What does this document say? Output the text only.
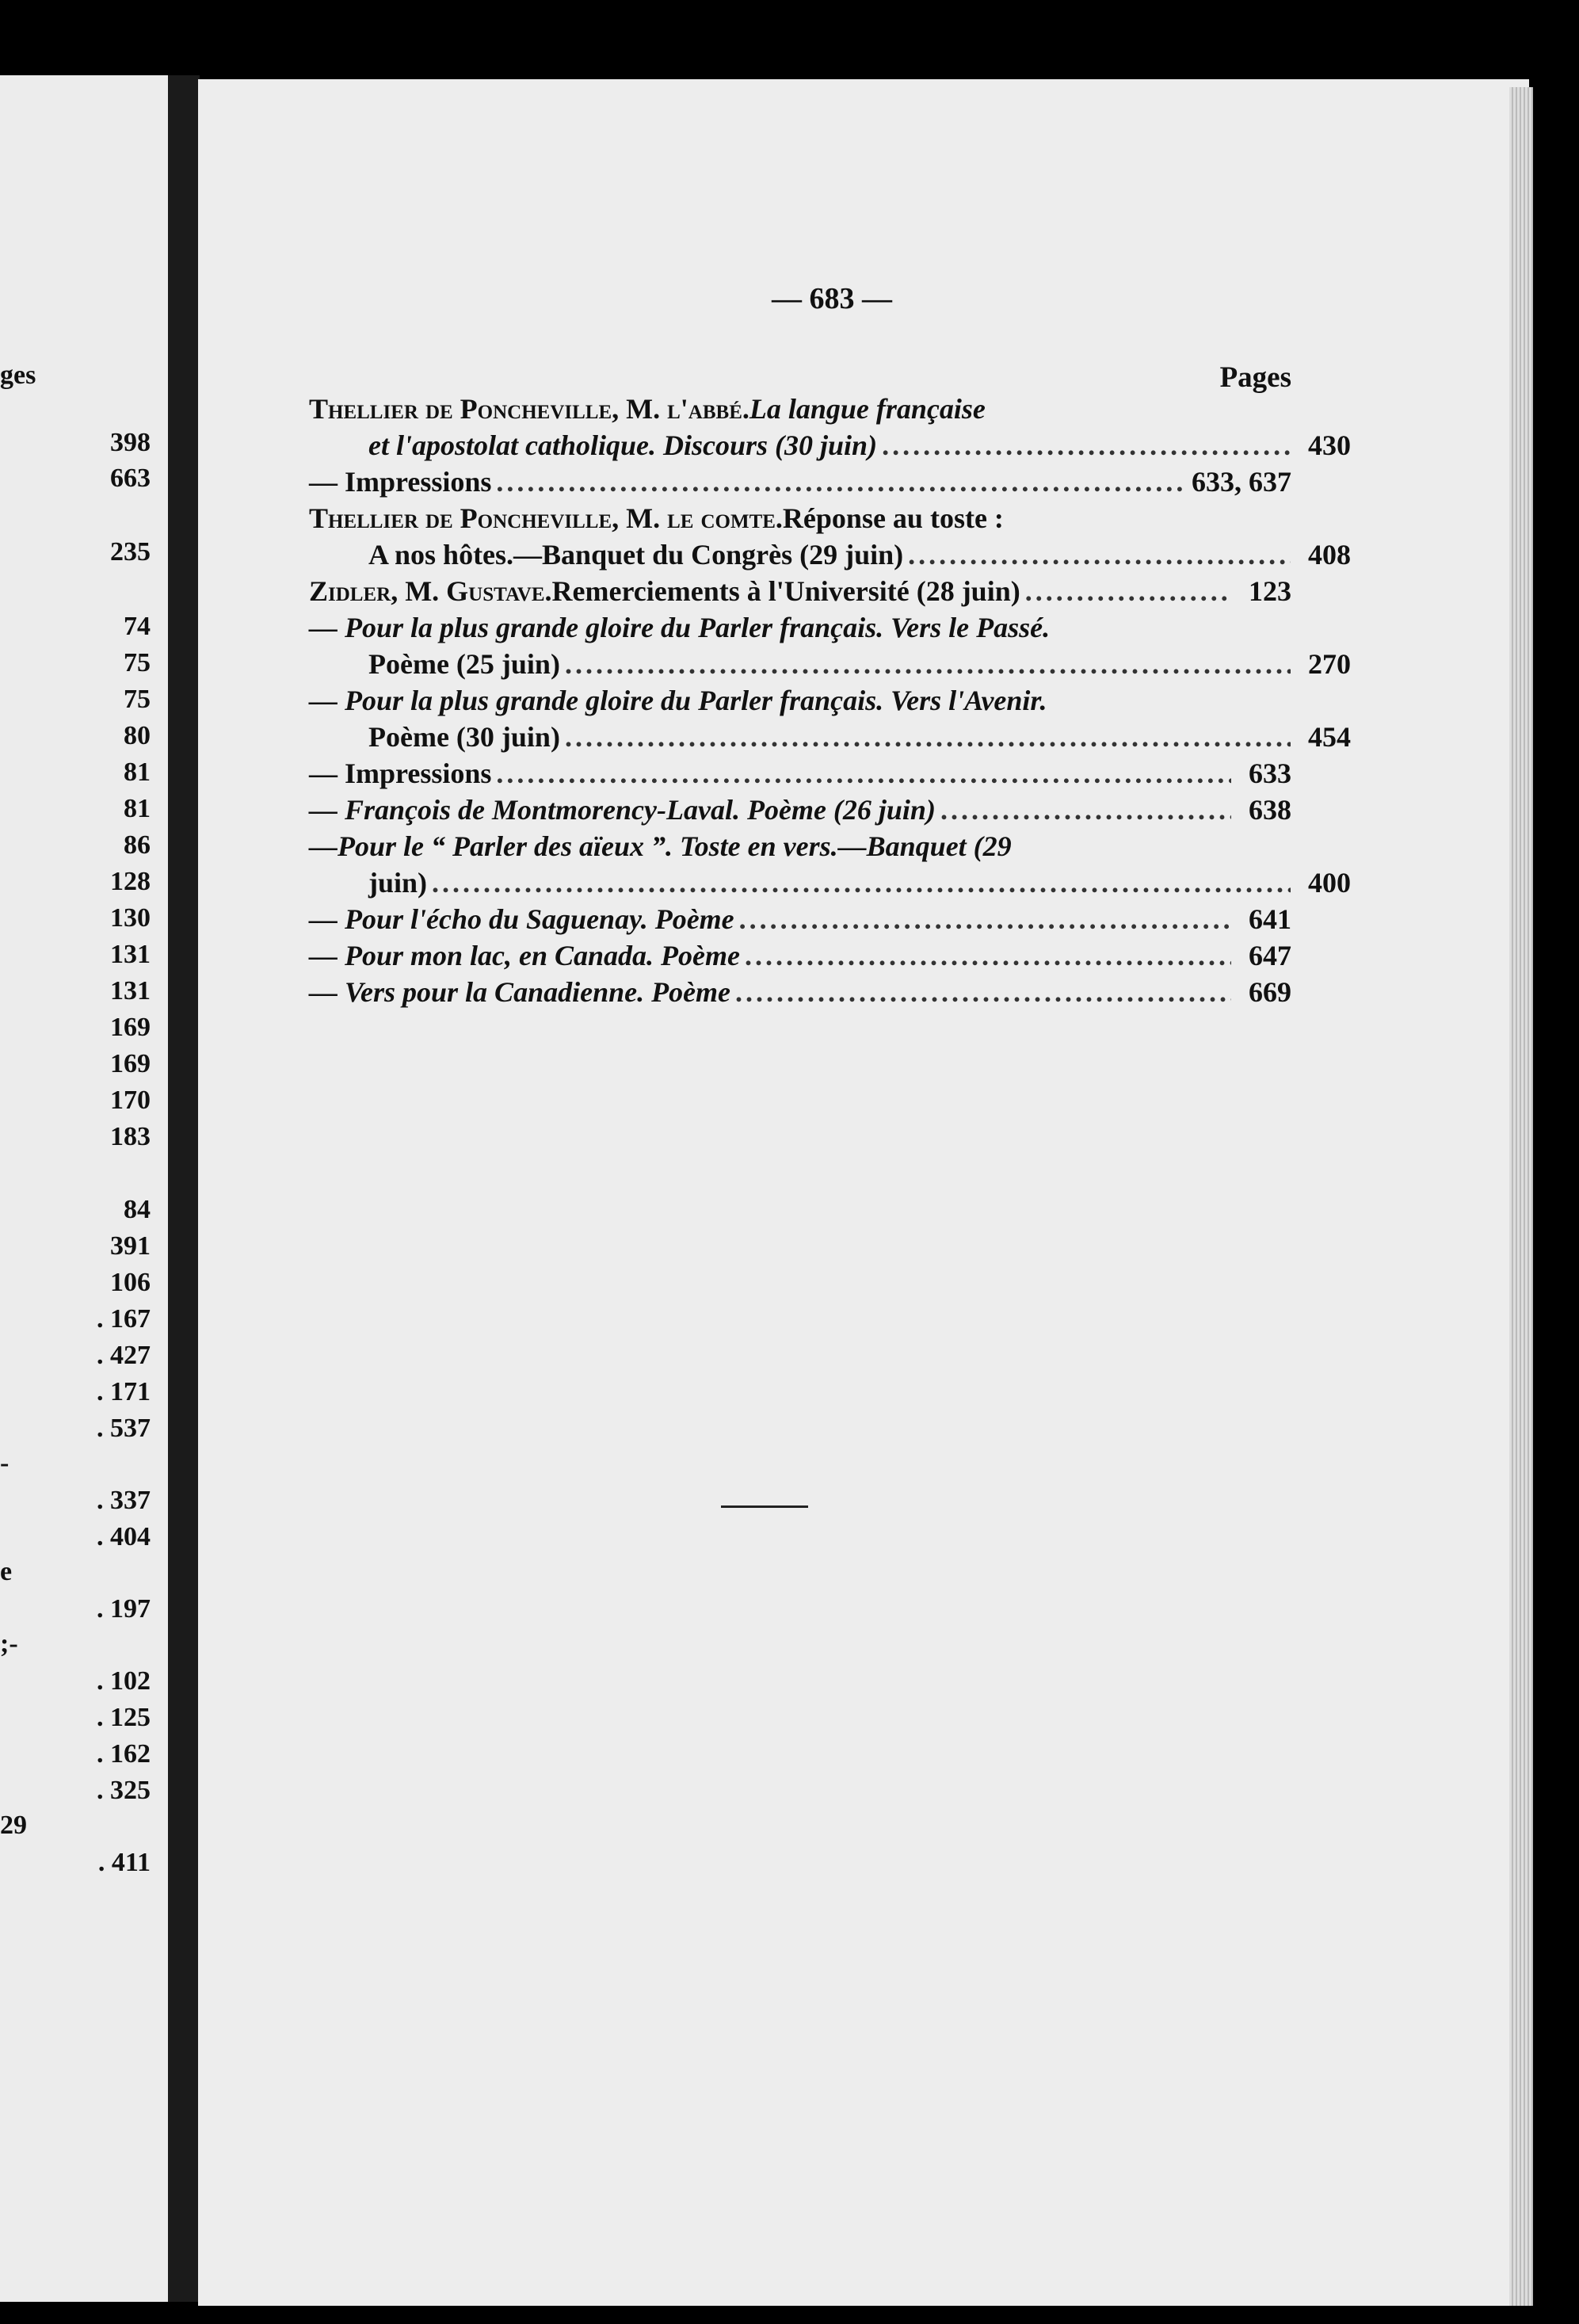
ges
398
663
235
74
75
75
80
81
81
86
128
130
131
131
169
169
170
183
84
391
106
. 167
. 427
. 171
. 537
-
. 337
. 404
e
. 197
;-
. 102
. 125
. 162
. 325
29
. 411
— 683 —
Pages
Thellier de Poncheville, M. l'abbé. La langue française
et l'apostolat catholique. Discours (30 juin) .....	430
— Impressions .....	633, 637
Thellier de Poncheville, M. le comte. Réponse au toste :
A nos hôtes.—Banquet du Congrès (29 juin) .....	408
Zidler, M. Gustave. Remerciements à l'Université (28 juin) .....	123
— Pour la plus grande gloire du Parler français. Vers le Passé.
Poème (25 juin) .....	270
— Pour la plus grande gloire du Parler français. Vers l'Avenir.
Poème (30 juin) .....	454
— Impressions .....	633
— François de Montmorency-Laval. Poème (26 juin) .....	638
—Pour le “ Parler des aïeux ”. Toste en vers.—Banquet (29
juin) .....	400
— Pour l'écho du Saguenay. Poème .....	641
— Pour mon lac, en Canada. Poème .....	647
— Vers pour la Canadienne. Poème .....	669
